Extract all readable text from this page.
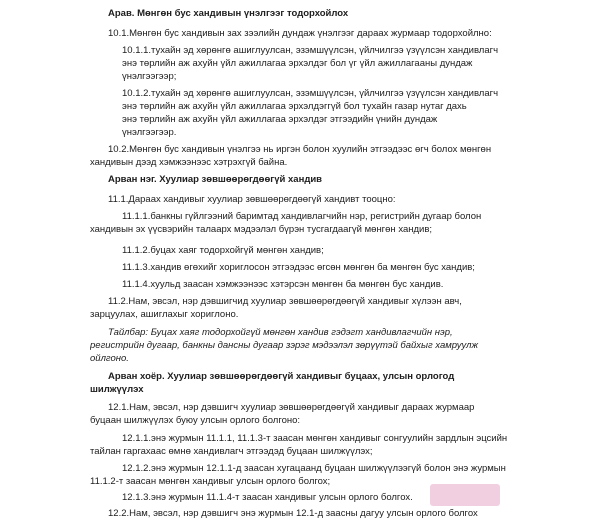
Арав. Мөнгөн бус хандивын үнэлгээг тодорхойлох
10.1.Мөнгөн бус хандивын зах зээлийн дундаж үнэлгээг дараах журмаар тодорхойлно:
10.1.1.тухайн эд хөрөнгө ашиглуулсан, эзэмшүүлсэн, үйлчилгээ үзүүлсэн хандивлагч
энэ төрлийн аж ахуйн үйл ажиллагаа эрхэлдэг бол үг үйл ажиллагааны дундаж
үнэлгээгээр;
10.1.2.тухайн эд хөрөнгө ашиглуулсан, эзэмшүүлсэн, үйлчилгээ үзүүлсэн хандивлагч
энэ төрлийн аж ахуйн үйл ажиллагаа эрхэлдэггүй бол тухайн газар нутаг дахь
энэ төрлийн аж ахуйн үйл ажиллагаа эрхэлдэг этгээдийн үнийн дундаж
үнэлгээгээр.
10.2.Мөнгөн бус хандивын үнэлгээ нь иргэн болон хуулийн этгээдээс өгч болох мөнгөн
хандивын дээд хэмжээнээс хэтрэхгүй байна.
Арван нэг. Хуулиар зөвшөөрөгдөөгүй хандив
11.1.Дараах хандивыг хуулиар зөвшөөрөгдөөгүй хандивт тооцно:
11.1.1.банкны гүйлгээний баримтад хандивлагчийн нэр, регистрийн дугаар болон
хандивын эх үүсвэрийн талаарх мэдээлэл бүрэн тусгагдаагүй мөнгөн хандив;
11.1.2.буцах хаяг тодорхойгүй мөнгөн хандив;
11.1.3.хандив өгөхийг хориглосон этгээдээс өгсөн мөнгөн ба мөнгөн бус хандив;
11.1.4.хуульд заасан хэмжээнээс хэтэрсэн мөнгөн ба мөнгөн бус хандив.
11.2.Нам, эвсэл, нэр дэвшигчид хуулиар зөвшөөрөгдөөгүй хандивыг хүлээн авч,
зарцуулах, ашиглахыг хориглоно.
Тайлбар: Буцах хаяг тодорхойгүй мөнгөн хандив гэдэгт хандивлагчийн нэр,
регистрийн дугаар, банкны дансны дугаар зэрэг мэдээлэл зөрүүтэй байхыг хамруулж
ойлгоно.
Арван хоёр. Хуулиар зөвшөөрөгдөөгүй хандивыг буцаах, улсын орлогод
шилжүүлэх
12.1.Нам, эвсэл, нэр дэвшигч хуулиар зөвшөөрөгдөөгүй хандивыг дараах журмаар
буцаан шилжүүлэх буюу улсын орлого болгоно:
12.1.1.энэ журмын 11.1.1, 11.1.3-т заасан мөнгөн хандивыг сонгуулийн зардлын эцсийн
тайлан гаргахаас өмнө хандивлагч этгээдэд буцаан шилжүүлэх;
12.1.2.энэ журмын 12.1.1-д заасан хугацаанд буцаан шилжүүлээгүй болон энэ журмын
11.1.2-т заасан мөнгөн хандивыг улсын орлого болгох;
12.1.3.энэ журмын 11.1.4-т заасан хандивыг улсын орлого болгох.
12.2.Нам, эвсэл, нэр дэвшигч энэ журмын 12.1-д заасны дагуу улсын орлого болгох
